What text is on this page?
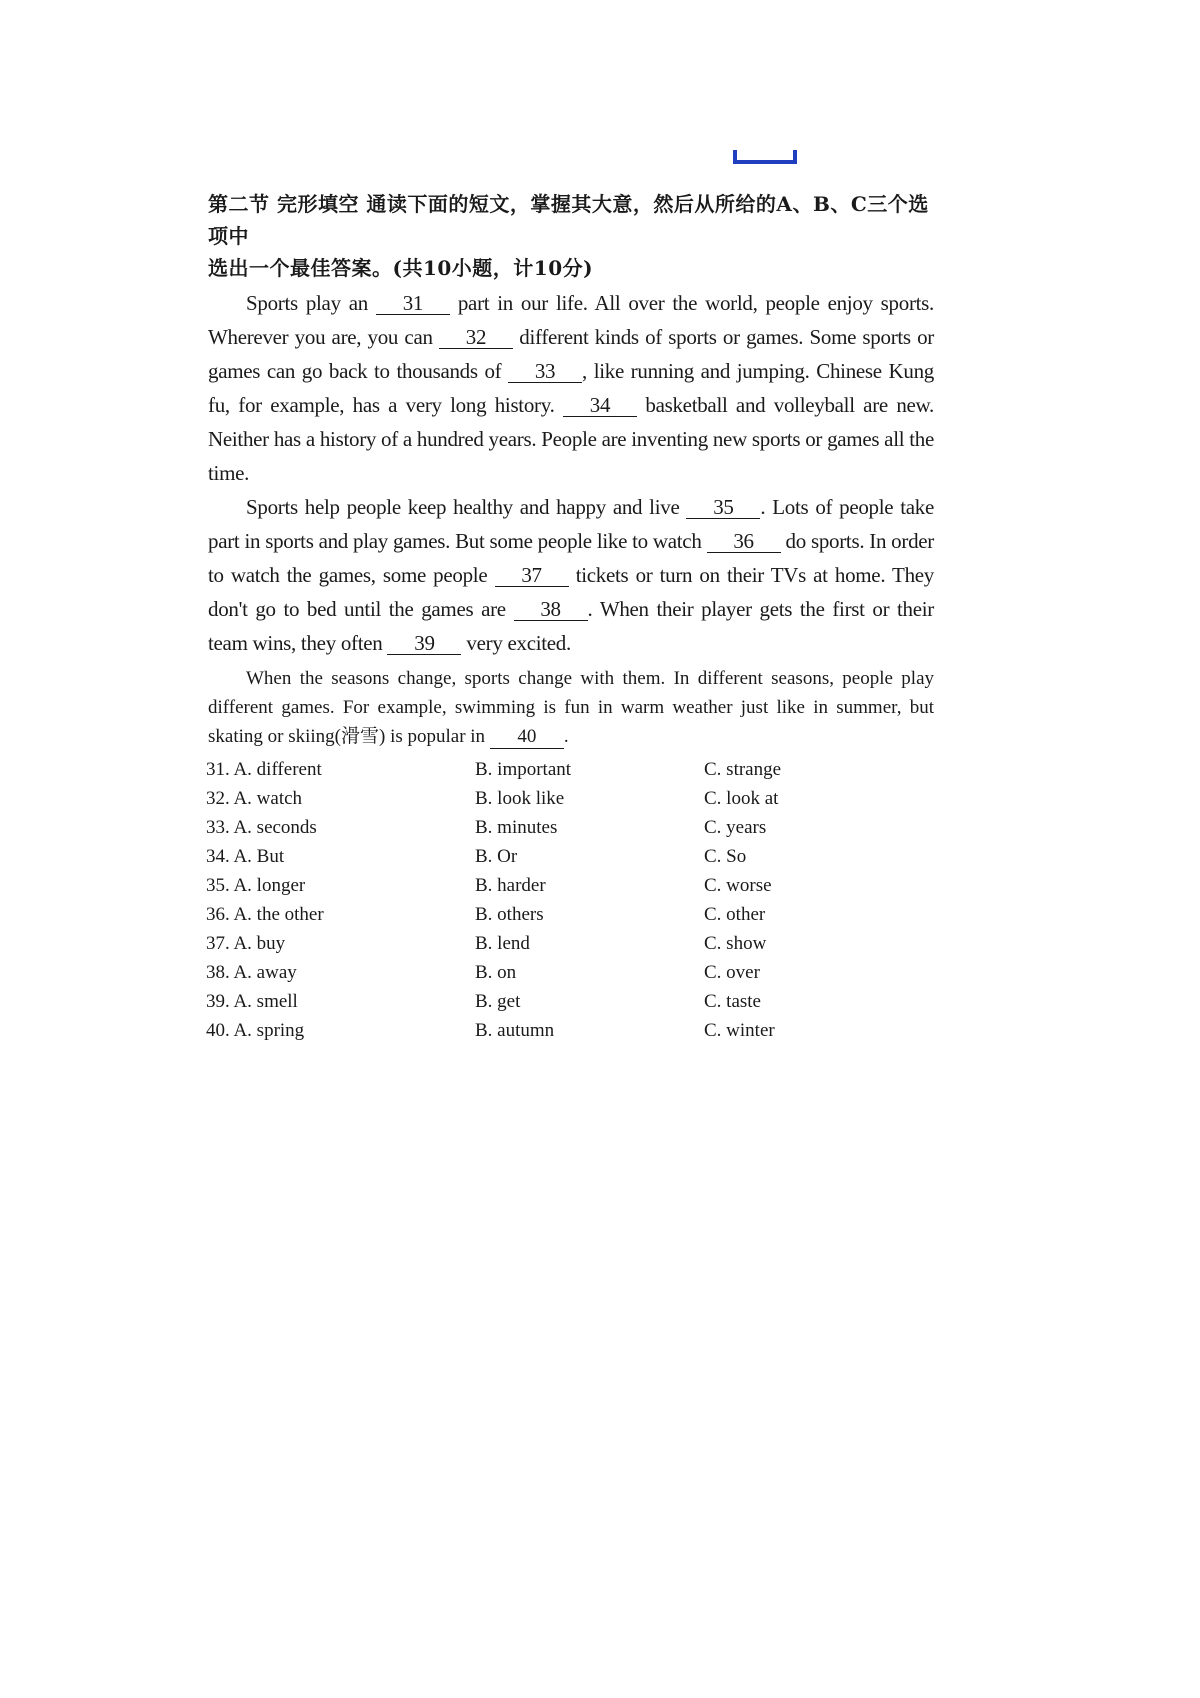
第二节 完形填空 通读下面的短文，掌握其大意，然后从所给的A、B、C三个选项中
选出一个最佳答案。(共10小题，计10分)

Sports play an 31 part in our life. All over the world, people enjoy sports. Wherever you are, you can 32 different kinds of sports or games. Some sports or games can go back to thousands of 33 , like running and jumping. Chinese Kung fu, for example, has a very long history. 34 basketball and volleyball are new. Neither has a history of a hundred years. People are inventing new sports or games all the time.

Sports help people keep healthy and happy and live 35 . Lots of people take part in sports and play games. But some people like to watch 36 do sports. In order to watch the games, some people 37 tickets or turn on their TVs at home. They don't go to bed until the games are 38 . When their player gets the first or their team wins, they often 39 very excited.

When the seasons change, sports change with them. In different seasons, people play different games. For example, swimming is fun in warm weather just like in summer, but skating or skiing(滑雪) is popular in 40 .

31. A. different	B. important	C. strange
32. A. watch	B. look like	C. look at
33. A. seconds	B. minutes	C. years
34. A. But	B. Or	C. So
35. A. longer	B. harder	C. worse
36. A. the other	B. others	C. other
37. A. buy	B. lend	C. show
38. A. away	B. on	C. over
39. A. smell	B. get	C. taste
40. A. spring	B. autumn	C. winter
